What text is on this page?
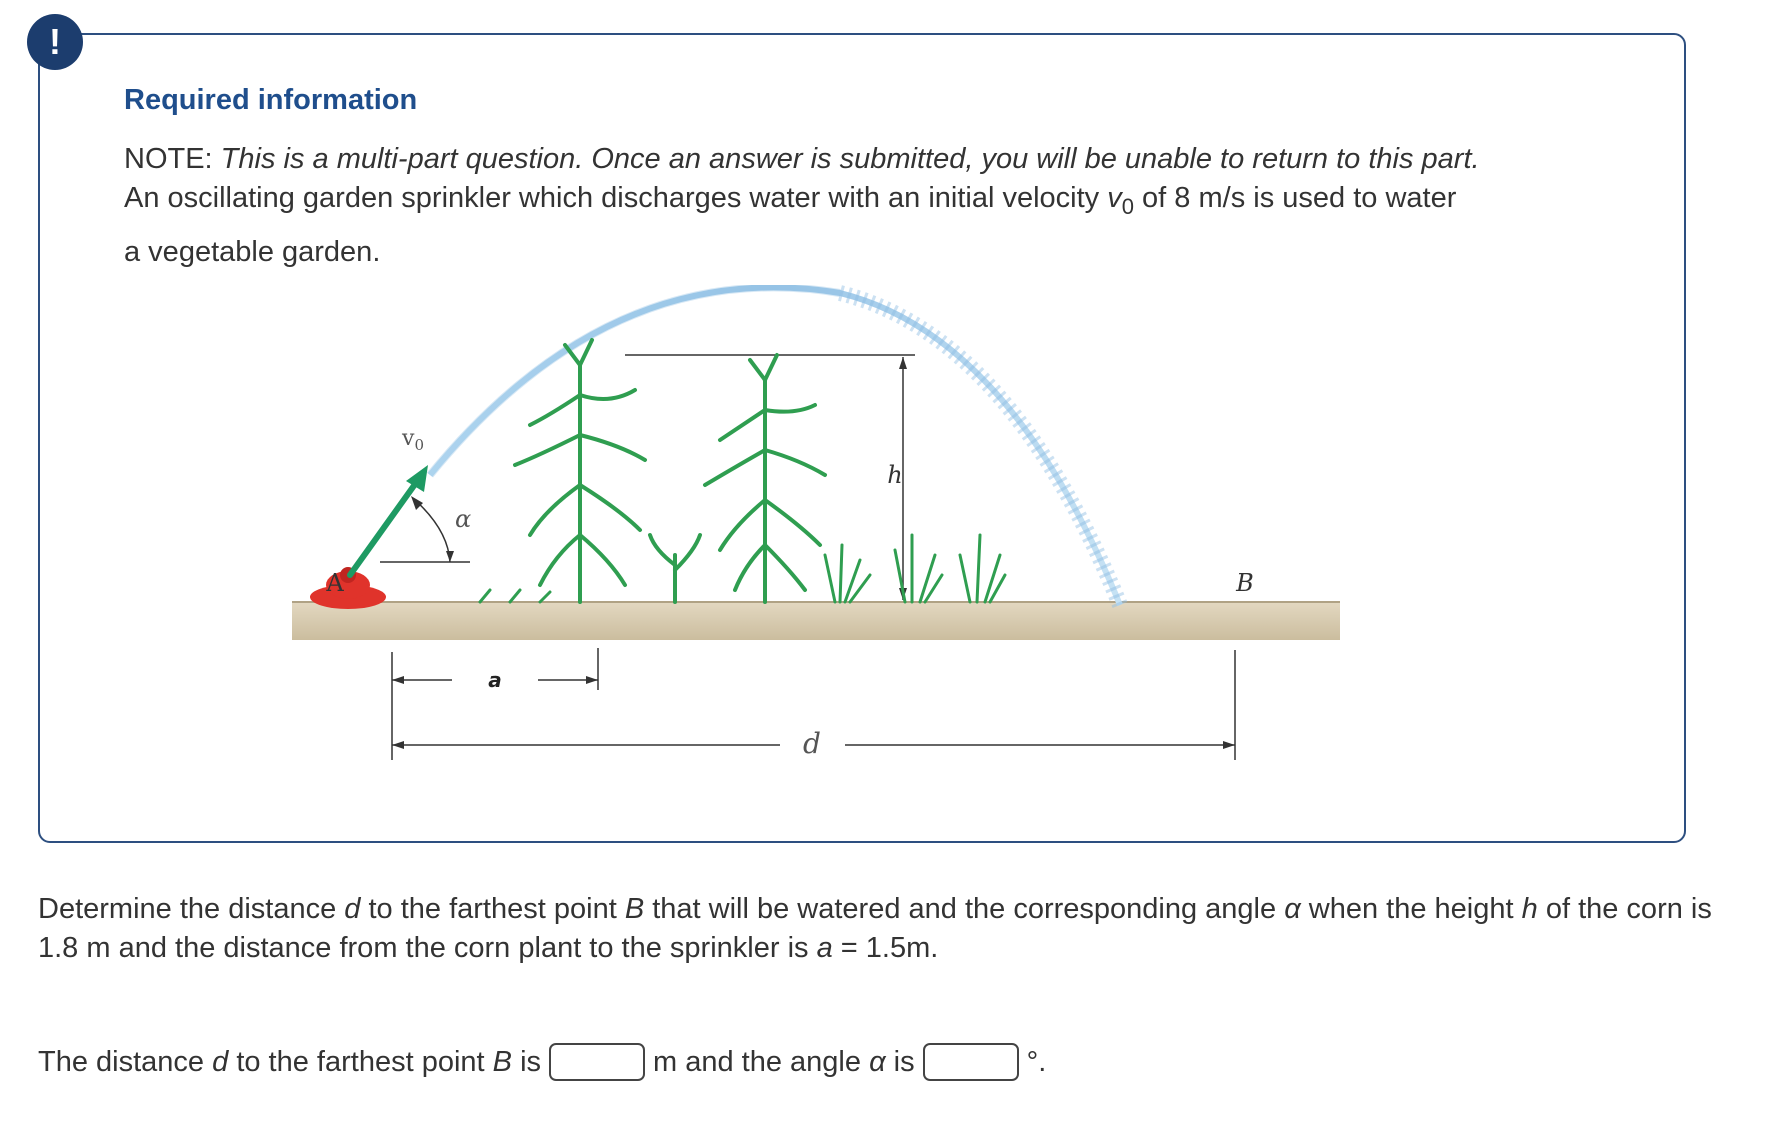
!
Required information

NOTE: This is a multi-part question. Once an answer is submitted, you will be unable to return to this part.

An oscillating garden sprinkler which discharges water with an initial velocity $v_0$ of 8 m/s is used to water

a vegetable garden.

h
$v_0$
α
A	B
a
d
Determine the distance d to the farthest point B that will be watered and the corresponding angle α when the height h of the corn is 1.8 m and the distance from the corn plant to the sprinkler is a = 1.5m.
The distance
d
to the farthest point
B
is	m and the angle
α
is	°.
